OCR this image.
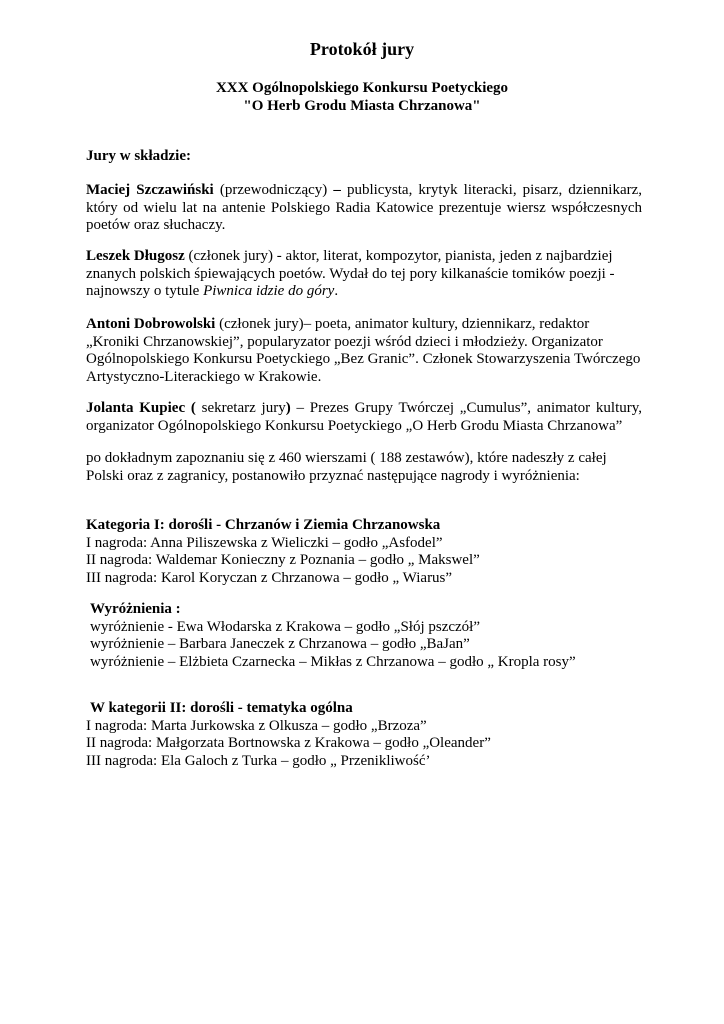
Protokół jury
XXX Ogólnopolskiego Konkursu Poetyckiego
"O Herb Grodu Miasta Chrzanowa"
Jury w składzie:
Maciej Szczawiński (przewodniczący) – publicysta, krytyk literacki, pisarz, dziennikarz, który od wielu lat na antenie Polskiego Radia Katowice prezentuje wiersz współczesnych poetów oraz słuchaczy.
Leszek Długosz (członek jury) - aktor, literat, kompozytor, pianista, jeden z najbardziej znanych polskich śpiewających poetów. Wydał do tej pory kilkanaście tomików poezji - najnowszy o tytule Piwnica idzie do góry.
Antoni Dobrowolski (członek jury)– poeta, animator kultury, dziennikarz, redaktor „Kroniki Chrzanowskiej”, popularyzator poezji wśród dzieci i młodzieży. Organizator Ogólnopolskiego Konkursu Poetyckiego „Bez Granic”. Członek Stowarzyszenia Twórczego Artystyczno-Literackiego w Krakowie.
Jolanta Kupiec ( sekretarz jury) – Prezes Grupy Twórczej „Cumulus”, animator kultury, organizator Ogólnopolskiego Konkursu Poetyckiego „O Herb Grodu Miasta Chrzanowa”
po dokładnym zapoznaniu się z 460 wierszami ( 188 zestawów), które nadeszły z całej Polski oraz z zagranicy, postanowiło przyznać następujące nagrody i wyróżnienia:
Kategoria I: dorośli - Chrzanów i Ziemia Chrzanowska
I nagroda: Anna Piliszewska z Wieliczki – godło „Asfodel”
II nagroda: Waldemar Konieczny z Poznania – godło „ Makswel”
III nagroda: Karol Koryczan z Chrzanowa – godło „ Wiarus”
Wyróżnienia :
wyróżnienie - Ewa Włodarska z Krakowa – godło „Słój pszczół”
wyróżnienie – Barbara Janeczek z Chrzanowa – godło „BaJan”
wyróżnienie – Elżbieta Czarnecka – Mikłas z Chrzanowa – godło „ Kropla rosy”
W kategorii II: dorośli - tematyka ogólna
I nagroda: Marta Jurkowska z Olkusza – godło „Brzoza”
II nagroda: Małgorzata Bortnowska z Krakowa – godło „Oleander”
III nagroda: Ela Galoch z Turka – godło „ Przenikliwość’
